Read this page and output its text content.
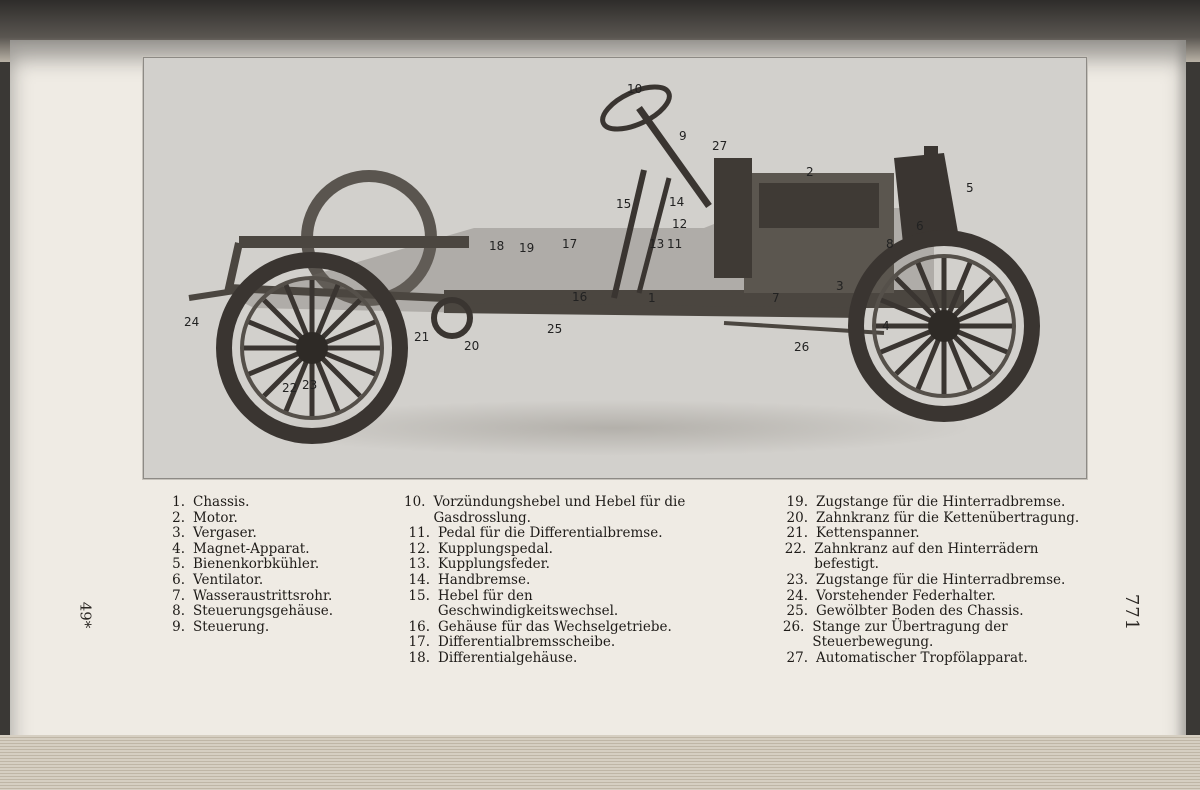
10
9
27
2
5
15	14
12
13 11
6
3
8
18 19 17
16	1	7
4
24
21
25
20	26
22 23
1. Chassis.
2. Motor.
3. Vergaser.
4. Magnet-Apparat.
5. Bienenkorbkühler.
6. Ventilator.
7. Wasseraustrittsrohr.
8. Steuerungsgehäuse.
9. Steuerung.
10. Vorzündungshebel und Hebel für die Gasdrosslung.
11. Pedal für die Differentialbremse.
12. Kupplungspedal.
13. Kupplungsfeder.
14. Handbremse.
15. Hebel für den Geschwindigkeitswechsel.
16. Gehäuse für das Wechselgetriebe.
17. Differentialbremsscheibe.
18. Differentialgehäuse.
19. Zugstange für die Hinterradbremse.
20. Zahnkranz für die Kettenübertragung.
21. Kettenspanner.
22. Zahnkranz auf den Hinterrädern befestigt.
23. Zugstange für die Hinterradbremse.
24. Vorstehender Federhalter.
25. Gewölbter Boden des Chassis.
26. Stange zur Übertragung der Steuerbewegung.
27. Automatischer Tropfölapparat.
49*	771
